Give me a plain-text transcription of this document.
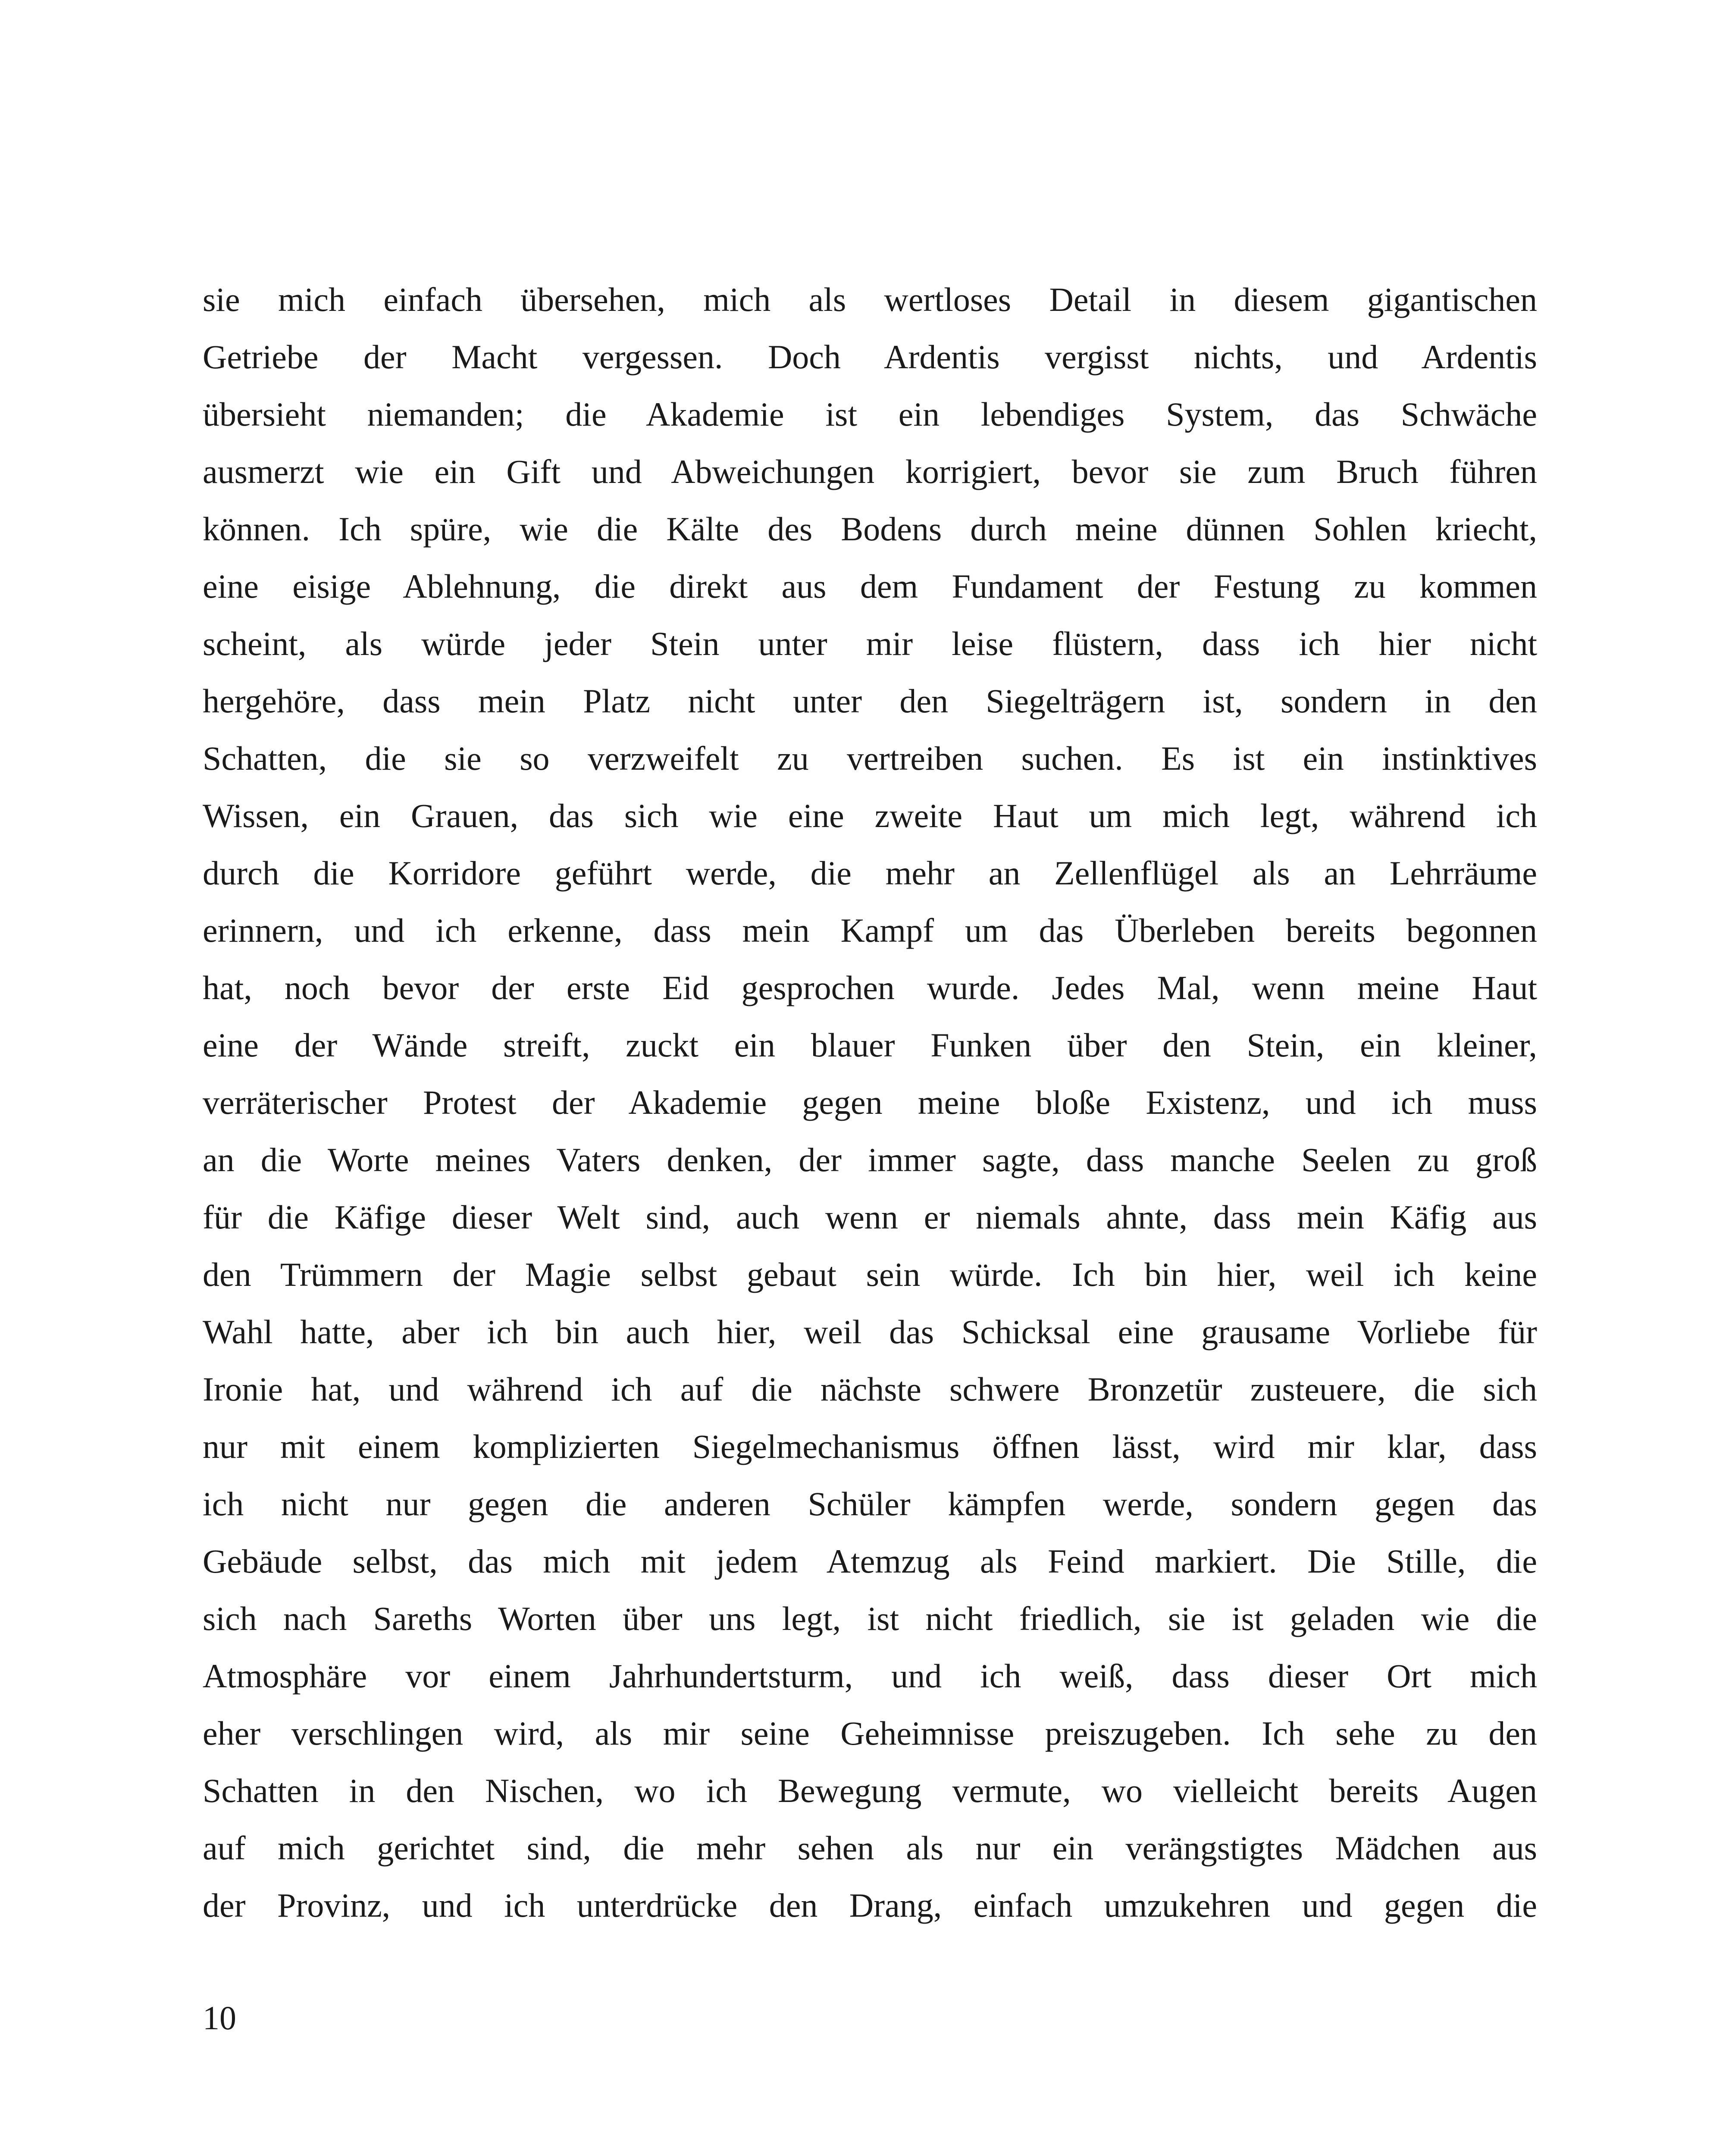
sie mich einfach übersehen, mich als wertloses Detail in diesem gigantischen
Getriebe der Macht vergessen. Doch Ardentis vergisst nichts, und Ardentis
übersieht niemanden; die Akademie ist ein lebendiges System, das Schwäche
ausmerzt wie ein Gift und Abweichungen korrigiert, bevor sie zum Bruch führen
können. Ich spüre, wie die Kälte des Bodens durch meine dünnen Sohlen kriecht,
eine eisige Ablehnung, die direkt aus dem Fundament der Festung zu kommen
scheint, als würde jeder Stein unter mir leise flüstern, dass ich hier nicht
hergehöre, dass mein Platz nicht unter den Siegelträgern ist, sondern in den
Schatten, die sie so verzweifelt zu vertreiben suchen. Es ist ein instinktives
Wissen, ein Grauen, das sich wie eine zweite Haut um mich legt, während ich
durch die Korridore geführt werde, die mehr an Zellenflügel als an Lehrräume
erinnern, und ich erkenne, dass mein Kampf um das Überleben bereits begonnen
hat, noch bevor der erste Eid gesprochen wurde. Jedes Mal, wenn meine Haut
eine der Wände streift, zuckt ein blauer Funken über den Stein, ein kleiner,
verräterischer Protest der Akademie gegen meine bloße Existenz, und ich muss
an die Worte meines Vaters denken, der immer sagte, dass manche Seelen zu groß
für die Käfige dieser Welt sind, auch wenn er niemals ahnte, dass mein Käfig aus
den Trümmern der Magie selbst gebaut sein würde. Ich bin hier, weil ich keine
Wahl hatte, aber ich bin auch hier, weil das Schicksal eine grausame Vorliebe für
Ironie hat, und während ich auf die nächste schwere Bronzetür zusteuere, die sich
nur mit einem komplizierten Siegelmechanismus öffnen lässt, wird mir klar, dass
ich nicht nur gegen die anderen Schüler kämpfen werde, sondern gegen das
Gebäude selbst, das mich mit jedem Atemzug als Feind markiert. Die Stille, die
sich nach Sareths Worten über uns legt, ist nicht friedlich, sie ist geladen wie die
Atmosphäre vor einem Jahrhundertsturm, und ich weiß, dass dieser Ort mich
eher verschlingen wird, als mir seine Geheimnisse preiszugeben. Ich sehe zu den
Schatten in den Nischen, wo ich Bewegung vermute, wo vielleicht bereits Augen
auf mich gerichtet sind, die mehr sehen als nur ein verängstigtes Mädchen aus
der Provinz, und ich unterdrücke den Drang, einfach umzukehren und gegen die
10
